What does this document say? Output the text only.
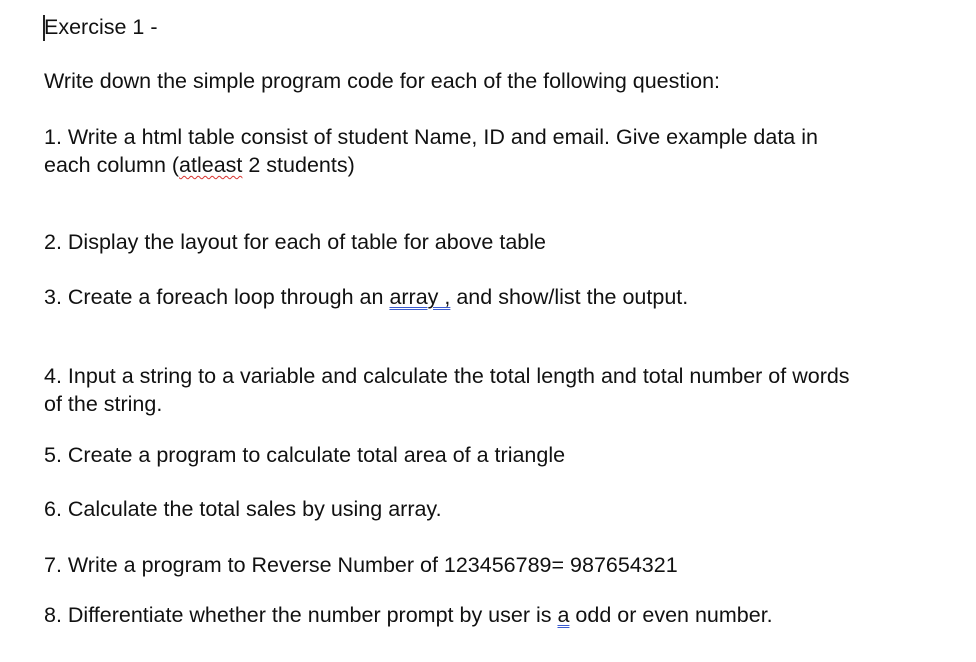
Exercise 1 -

Write down the simple program code for each of the following question:

1. Write a html table consist of student Name, ID and email. Give example data in

each column (atleast 2 students)

2. Display the layout for each of table for above table

3. Create a foreach loop through an array , and show/list the output.

4. Input a string to a variable and calculate the total length and total number of words

of the string.

5. Create a program to calculate total area of a triangle

6. Calculate the total sales by using array.

7. Write a program to Reverse Number of 123456789= 987654321

8. Differentiate whether the number prompt by user is a odd or even number.
